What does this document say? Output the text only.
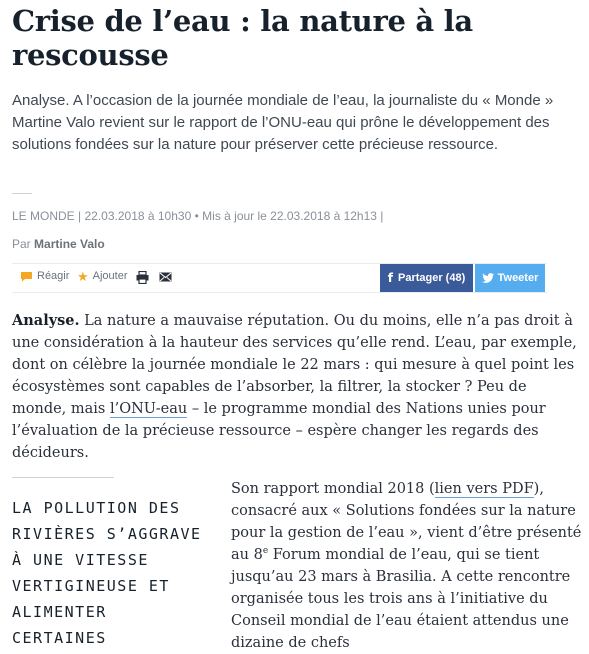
Crise de l’eau : la nature à la rescousse

Analyse. A l’occasion de la journée mondiale de l’eau, la journaliste du « Monde » Martine Valo revient sur le rapport de l’ONU-eau qui prône le développement des solutions fondées sur la nature pour préserver cette précieuse ressource.

LE MONDE | 22.03.2018 à 10h30 • Mis à jour le 22.03.2018 à 12h13 |
Par Martine Valo
Réagir ★ Ajouter	f Partager (48)	Tweeter

Analyse. La nature a mauvaise réputation. Ou du moins, elle n’a pas droit à une considération à la hauteur des services qu’elle rend. L’eau, par exemple, dont on célèbre la journée mondiale le 22 mars : qui mesure à quel point les écosystèmes sont capables de l’absorber, la filtrer, la stocker ? Peu de monde, mais l’ONU-eau – le programme mondial des Nations unies pour l’évaluation de la précieuse ressource – espère changer les regards des décideurs.

LA POLLUTION DES RIVIÈRES S’AGGRAVE À UNE VITESSE VERTIGINEUSE ET ALIMENTER CERTAINES

Son rapport mondial 2018 (lien vers PDF), consacré aux « Solutions fondées sur la nature pour la gestion de l’eau », vient d’être présenté au 8e Forum mondial de l’eau, qui se tient jusqu’au 23 mars à Brasilia. A cette rencontre organisée tous les trois ans à l’initiative du Conseil mondial de l’eau étaient attendus une dizaine de chefs
